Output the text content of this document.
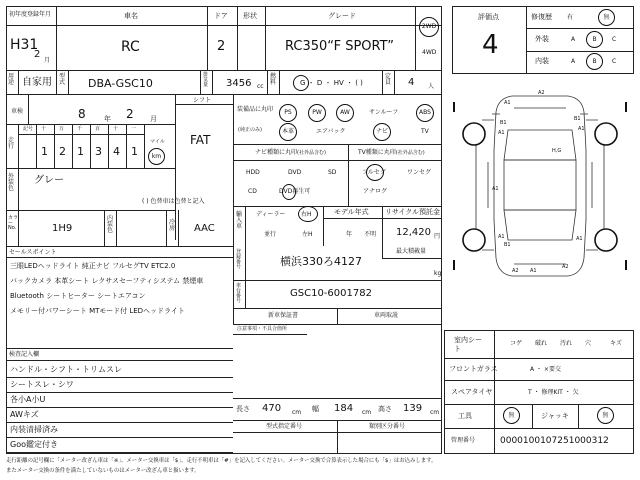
初年度登録年月
H31
2
月
車名
RC
ドア
2
形状	グレード
RC350“F SPORT”
2WD
4WD
用途 自家用
型式 DBA-GSC10
排気量 3456 cc
燃料	G ・ D ・ HV ・ ( )
定員 4 人
車検	8	年 2 月
シフト
FAT
走行
記号 十	万	千	百	十	一
1 2 1 3 4 1
マイル
km
外装色
グレー
( ) 色替車は色替と記入
カラー No.	1H9
内装色
冷房 AAC
セールスポイント
三眼LEDヘッドライト 純正ナビ フルセグTV ETC2.0
バックカメラ 本革シート レクサスセーフティシステム 禁煙車
Bluetooth シートヒーター シートエアコン
メモリー付パワーシート MTモード付 LEDヘッドライト
検査記入欄
ハンドル・シフト・トリムスレ
シートスレ・シワ
各小A小U
AWキズ
内装清掃済み
Goo鑑定付き
装備品に丸印
(純正のみ)
PS	PW	AW	サンルーフ	ABS
本革	エアバック	ナビ	TV
ナビ種類に丸印(社外品含む)	TV種類に丸印(社外品含む)
HDD	DVD	SD
CD	DVD再生可
フルセグ	ワンセグ
アナログ
輸入車
ディーラー	右H
並行	左H
モデル年式
年 不明
リサイクル預託金
12,420 円
登録番号	横浜330ろ4127
最大積載量
kg
車台番号
GSC10-6001782
新車保証書	車両取説
注意事項・不具合箇所
長さ 470 cm 幅 184 cm 高さ 139 cm
型式指定番号	類別区分番号
評価点
4
修復歴	有	無
外装	A	B	C
内装	A	B	C
A2
A1
B1
A1
B1
A1
H,G
B1
A1	A1
A2 A1
A2
A1
室内シート
コゲ 破れ 汚れ 穴	キズ
フロントガラス	A ・ ×要交
スペアタイヤ	T ・ 修理KIT ・ 欠
工具	無	ジャッキ	無
管理番号	0000100107251000312
走行距離の記号欄に「メーター改ざん車は「※」、メーター交換車は「$」、走行不明車は「#」を記入してください。メーター交換で合算表示した場合にも「$」はお込みします。
またメーター交換の条件を満たしていないものはメーター改ざん車と扱います。
